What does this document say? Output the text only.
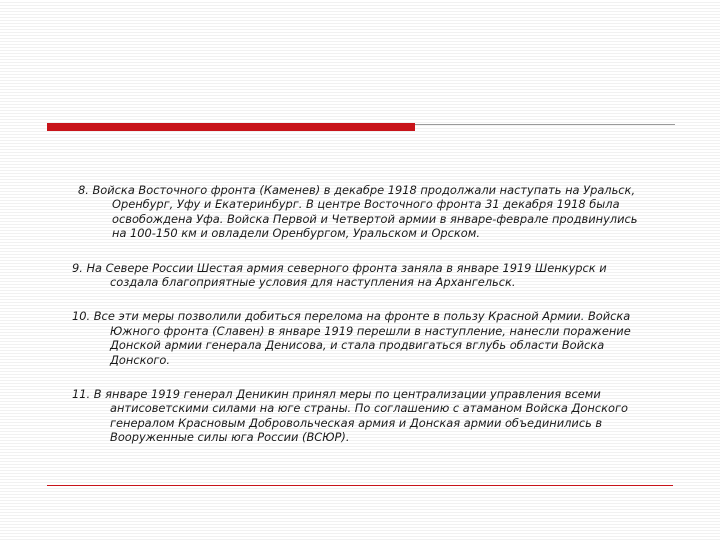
8. Войска Восточного фронта (Каменев) в декабре 1918 продолжали наступать на Уральск,
Оренбург, Уфу и Екатеринбург. В центре Восточного фронта 31 декабря 1918 была
освобождена Уфа. Войска Первой и Четвертой армии в январе-феврале продвинулись
на 100-150 км и овладели Оренбургом, Уральском и Орском.

9. На Севере России Шестая армия северного фронта заняла в январе 1919 Шенкурск и
создала благоприятные условия для наступления на Архангельск.

10. Все эти меры позволили добиться перелома на фронте в пользу Красной Армии. Войска
Южного фронта (Славен) в январе 1919 перешли в наступление, нанесли поражение
Донской армии генерала Денисова, и стала продвигаться вглубь области Войска
Донского.

11. В январе 1919 генерал Деникин принял меры по централизации управления всеми
антисоветскими силами на юге страны. По соглашению с атаманом Войска Донского
генералом Красновым Добровольческая армия и Донская армии объединились в
Вооруженные силы юга России (ВСЮР).
